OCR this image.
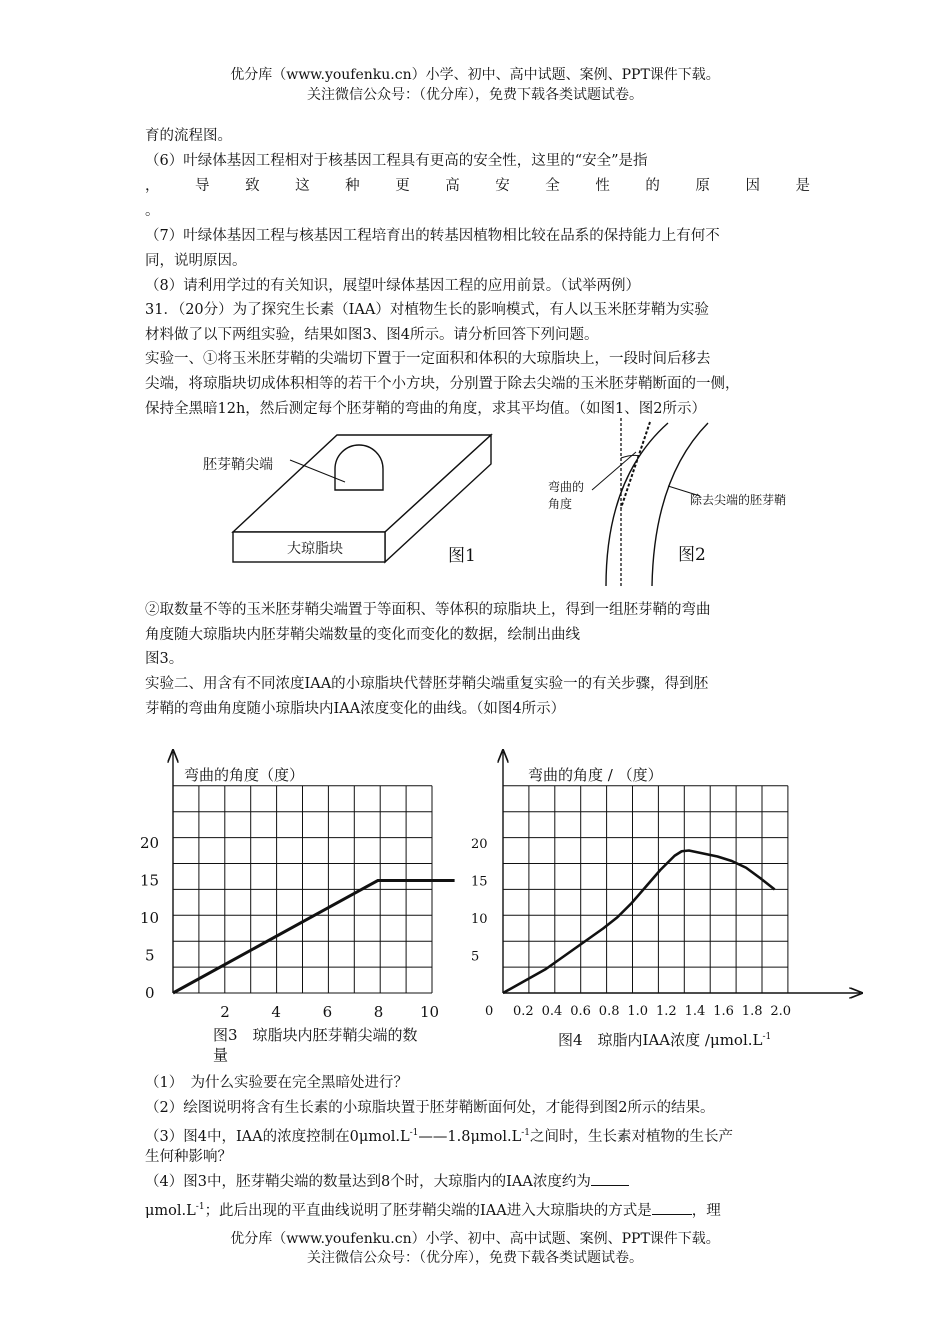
优分库（www.youfenku.cn）小学、初中、高中试题、案例、PPT课件下载。
关注微信公众号：（优分库），免费下载各类试题试卷。
育的流程图。
（6）叶绿体基因工程相对于核基因工程具有更高的安全性，这里的“安全”是指
，导致这种更高安全性的原因是
。
（7）叶绿体基因工程与核基因工程培育出的转基因植物相比较在品系的保持能力上有何不
同，说明原因。
（8）请利用学过的有关知识，展望叶绿体基因工程的应用前景。（试举两例）
31．（20分）为了探究生长素（IAA）对植物生长的影响模式，有人以玉米胚芽鞘为实验
材料做了以下两组实验，结果如图3、图4所示。请分析回答下列问题。
实验一、①将玉米胚芽鞘的尖端切下置于一定面积和体积的大琼脂块上，一段时间后移去
尖端，将琼脂块切成体积相等的若干个小方块，分别置于除去尖端的玉米胚芽鞘断面的一侧，
保持全黑暗12h，然后测定每个胚芽鞘的弯曲的角度，求其平均值。（如图1、图2所示）
胚芽鞘尖端
大琼脂块	图1
弯曲的
角度	除去尖端的胚芽鞘
图2
②取数量不等的玉米胚芽鞘尖端置于等面积、等体积的琼脂块上，得到一组胚芽鞘的弯曲
角度随大琼脂块内胚芽鞘尖端数量的变化而变化的数据，绘制出曲线
图3。
实验二、用含有不同浓度IAA的小琼脂块代替胚芽鞘尖端重复实验一的有关步骤，得到胚
芽鞘的弯曲角度随小琼脂块内IAA浓度变化的曲线。（如图4所示）
弯曲的角度（度）
2	4	6	8 10
0
5
10
15
20
图3　琼脂块内胚芽鞘尖端的数
量
弯曲的角度 / （度）
0 0.2 0.4 0.6 0.8 1.0 1.2 1.4 1.6 1.8 2.0
5
10
15
20
图4　琼脂内IAA浓度 $/\mu mol.L^{-1}$
（1）　为什么实验要在完全黑暗处进行？
（2）绘图说明将含有生长素的小琼脂块置于胚芽鞘断面何处，才能得到图2所示的结果。
（3）图4中，IAA的浓度控制在$0\mu mol.L^{-1}——1.8\mu mol.L^{-1}$之间时，生长素对植物的生长产
生何种影响？
（4）图3中，胚芽鞘尖端的数量达到8个时，大琼脂内的IAA浓度约为
$\mu mol.L^{-1}$；此后出现的平直曲线说明了胚芽鞘尖端的IAA进入大琼脂块的方式是	，理
优分库（www.youfenku.cn）小学、初中、高中试题、案例、PPT课件下载。
关注微信公众号：（优分库），免费下载各类试题试卷。
